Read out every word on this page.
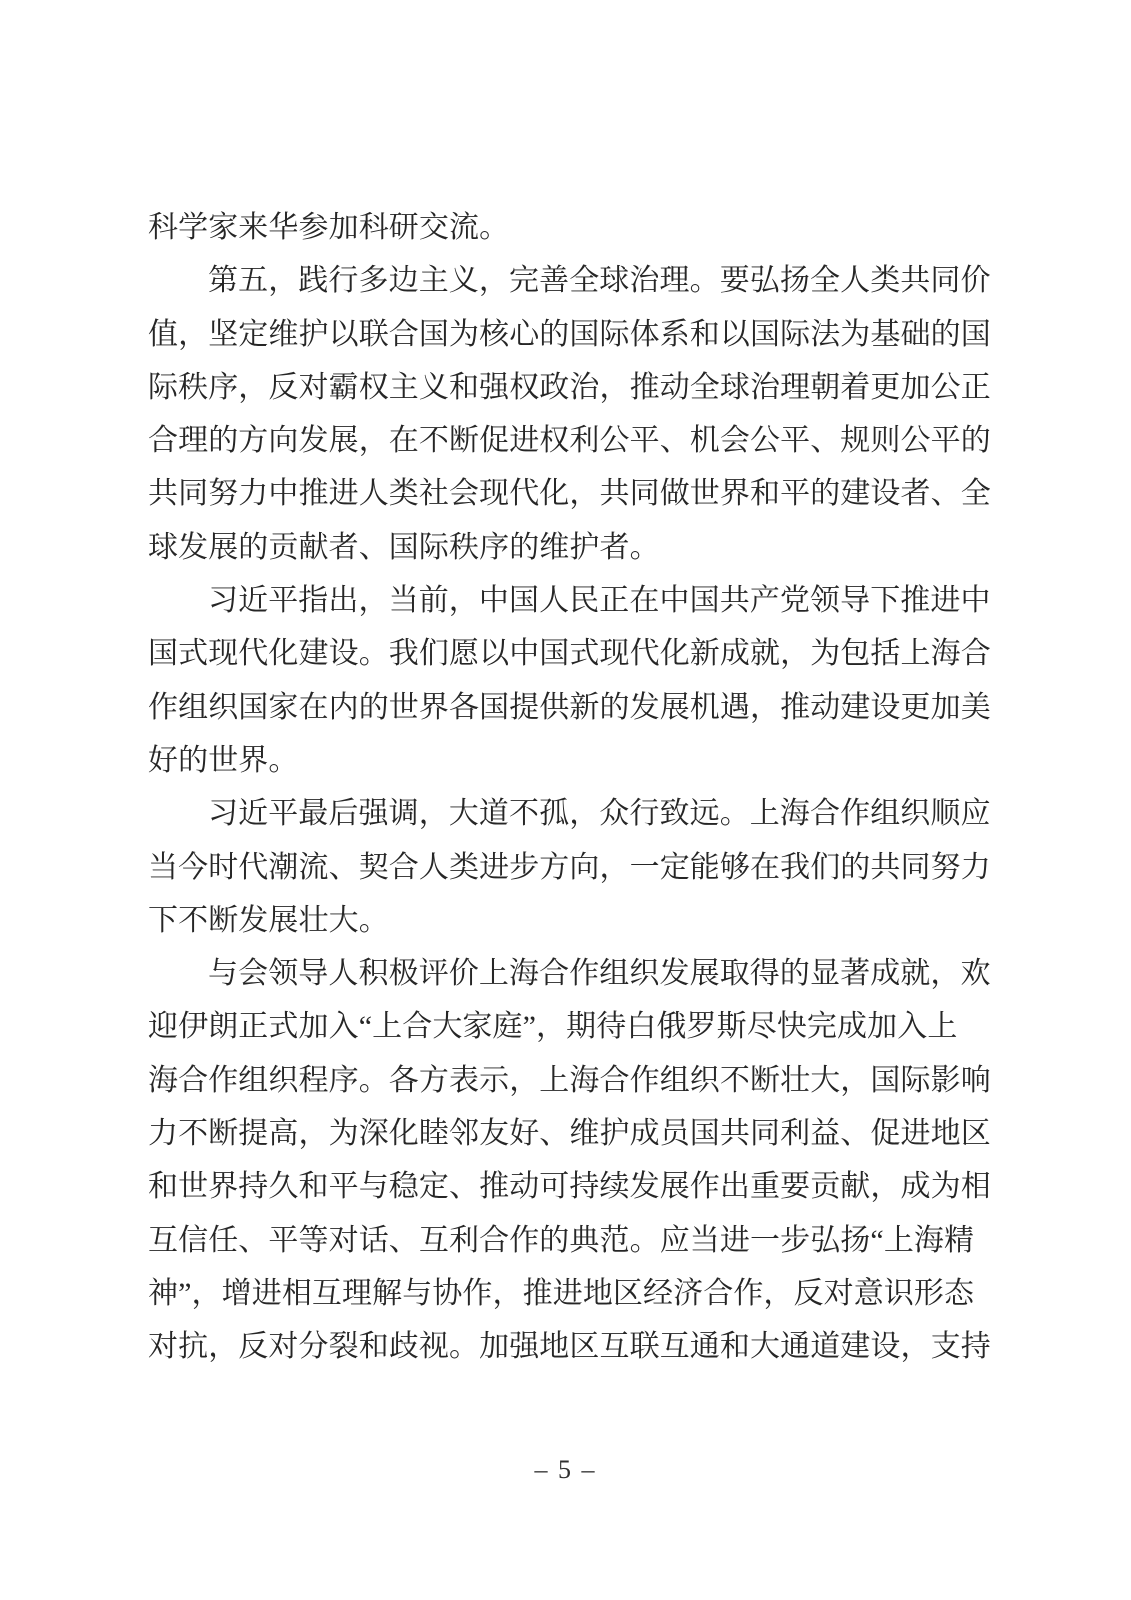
科学家来华参加科研交流。
第五，践行多边主义，完善全球治理。要弘扬全人类共同价
值，坚定维护以联合国为核心的国际体系和以国际法为基础的国
际秩序，反对霸权主义和强权政治，推动全球治理朝着更加公正
合理的方向发展，在不断促进权利公平、机会公平、规则公平的
共同努力中推进人类社会现代化，共同做世界和平的建设者、全
球发展的贡献者、国际秩序的维护者。
习近平指出，当前，中国人民正在中国共产党领导下推进中
国式现代化建设。我们愿以中国式现代化新成就，为包括上海合
作组织国家在内的世界各国提供新的发展机遇，推动建设更加美
好的世界。
习近平最后强调，大道不孤，众行致远。上海合作组织顺应
当今时代潮流、契合人类进步方向，一定能够在我们的共同努力
下不断发展壮大。
与会领导人积极评价上海合作组织发展取得的显著成就，欢
迎伊朗正式加入“上合大家庭”，期待白俄罗斯尽快完成加入上
海合作组织程序。各方表示，上海合作组织不断壮大，国际影响
力不断提高，为深化睦邻友好、维护成员国共同利益、促进地区
和世界持久和平与稳定、推动可持续发展作出重要贡献，成为相
互信任、平等对话、互利合作的典范。应当进一步弘扬“上海精
神”，增进相互理解与协作，推进地区经济合作，反对意识形态
对抗，反对分裂和歧视。加强地区互联互通和大通道建设，支持
– 5 –
